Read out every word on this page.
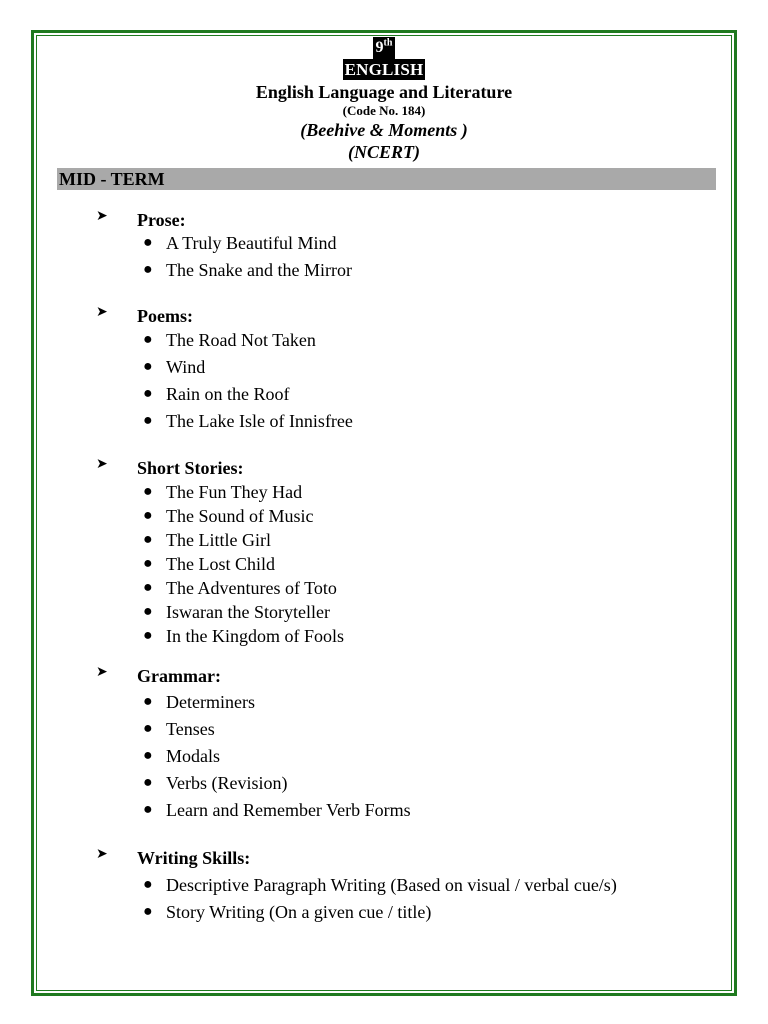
9th
ENGLISH
English Language and Literature
(Code No. 184)
(Beehive & Moments )
(NCERT)
MID - TERM
➤ Prose:
● A Truly Beautiful Mind
● The Snake and the Mirror
➤ Poems:
● The Road Not Taken
● Wind
● Rain on the Roof
● The Lake Isle of Innisfree
➤ Short Stories:
● The Fun They Had
● The Sound of Music
● The Little Girl
● The Lost Child
● The Adventures of Toto
● Iswaran the Storyteller
● In the Kingdom of Fools
➤ Grammar:
● Determiners
● Tenses
● Modals
● Verbs (Revision)
● Learn and Remember Verb Forms
➤ Writing Skills:
● Descriptive Paragraph Writing (Based on visual / verbal cue/s)
● Story Writing (On a given cue / title)
